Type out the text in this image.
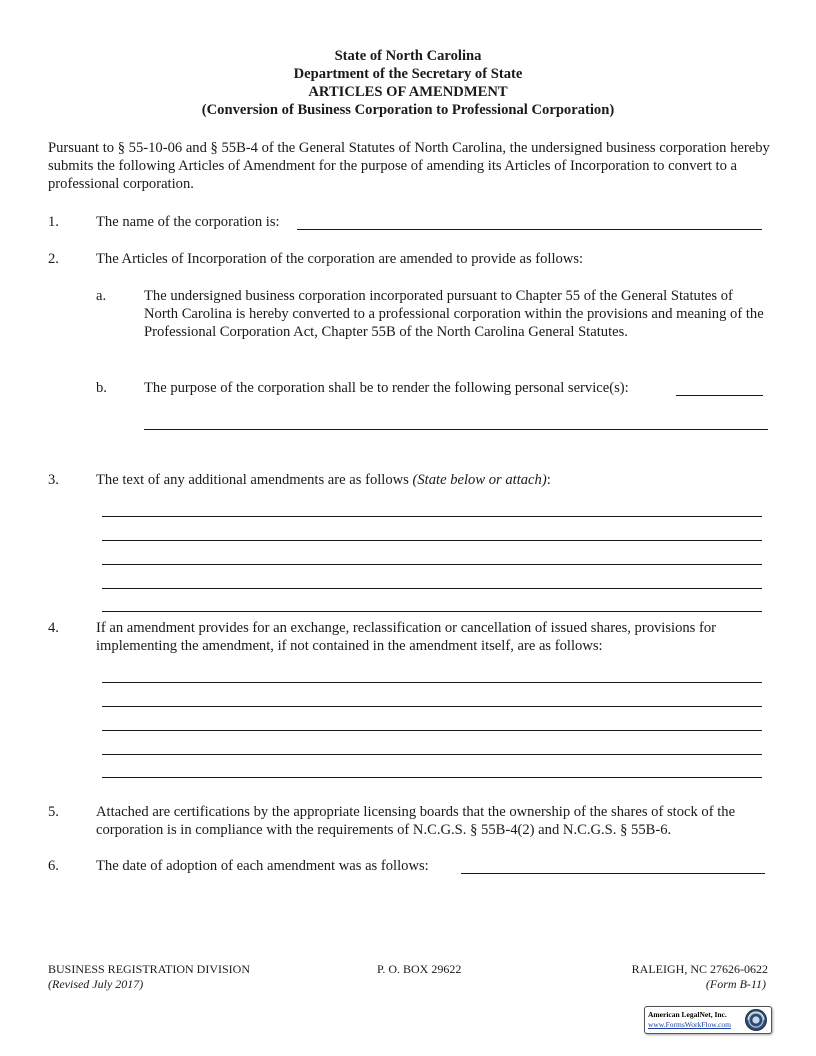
State of North Carolina
Department of the Secretary of State
ARTICLES OF AMENDMENT
(Conversion of Business Corporation to Professional Corporation)
Pursuant to § 55-10-06 and § 55B-4 of the General Statutes of North Carolina, the undersigned business corporation hereby submits the following Articles of Amendment for the purpose of amending its Articles of Incorporation to convert to a professional corporation.
1.	The name of the corporation is:
2.	The Articles of Incorporation of the corporation are amended to provide as follows:
a.	The undersigned business corporation incorporated pursuant to Chapter 55 of the General Statutes of North Carolina is hereby converted to a professional corporation within the provisions and meaning of the Professional Corporation Act, Chapter 55B of the North Carolina General Statutes.
b.	The purpose of the corporation shall be to render the following personal service(s):
3.	The text of any additional amendments are as follows (State below or attach):
4.	If an amendment provides for an exchange, reclassification or cancellation of issued shares, provisions for implementing the amendment, if not contained in the amendment itself, are as follows:
5.	Attached are certifications by the appropriate licensing boards that the ownership of the shares of stock of the corporation is in compliance with the requirements of N.C.G.S. § 55B-4(2) and N.C.G.S. § 55B-6.
6.	The date of adoption of each amendment was as follows:
BUSINESS REGISTRATION DIVISION
(Revised July 2017)
P. O. BOX 29622	RALEIGH, NC 27626-0622
(Form B-11)
American LegalNet, Inc.
www.FormsWorkFlow.com
